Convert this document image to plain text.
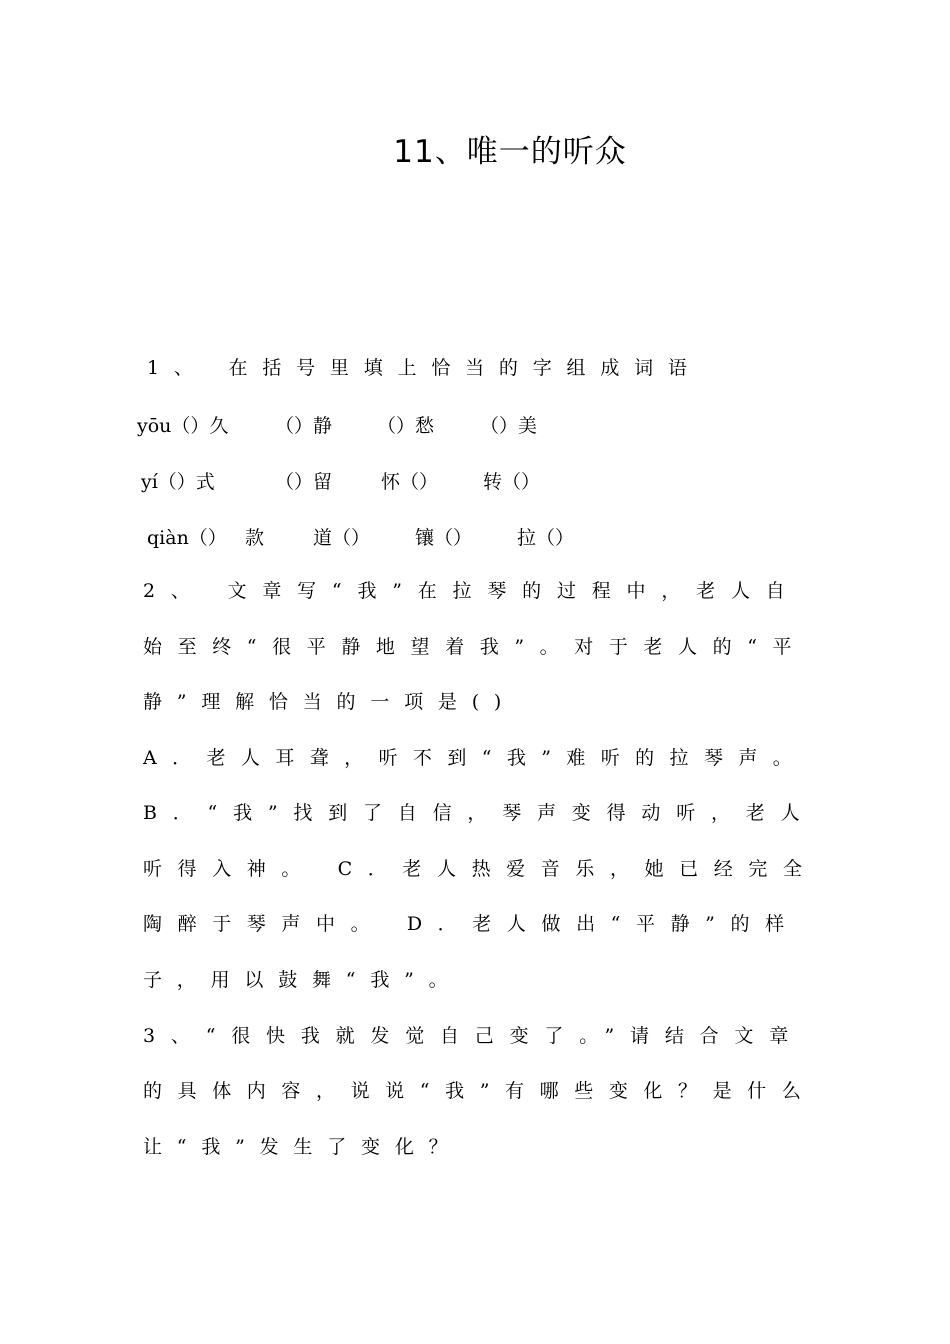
11、唯一的听众
1、 在括号里填上恰当的字组成词语
yōu（）久 （）静 （）愁 （）美
yí（）式	（）留	怀（） 转（）
qiàn（） 款	道（） 镶（） 拉（）
2、 文章写“我”在拉琴的过程中，老人自
始至终“很平静地望着我”。对于老人的“平
静”理解恰当的一项是()
A．老人耳聋，听不到“我”难听的拉琴声。
B．“我”找到了自信，琴声变得动听，老人
听得入神。 C．老人热爱音乐，她已经完全
陶醉于琴声中。 D．老人做出“平静”的样
子，用以鼓舞“我”。
3、“很快我就发觉自己变了。”请结合文章
的具体内容，说说“我”有哪些变化？是什么
让“我”发生了变化？
